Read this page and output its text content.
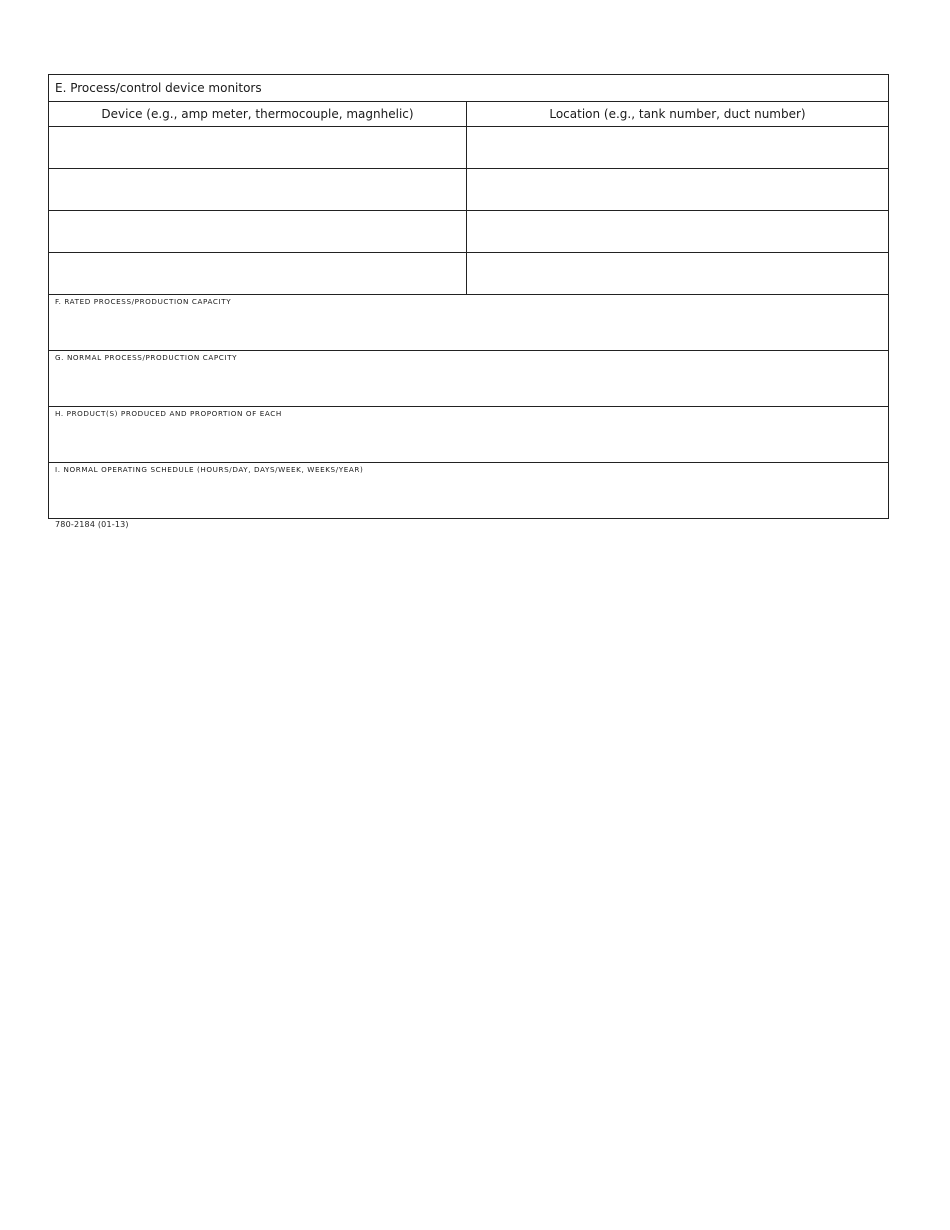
E. Process/control device monitors	
Device (e.g., amp meter, thermocouple, magnhelic)	Location (e.g., tank number, duct number)

F. RATED PROCESS/PRODUCTION CAPACITY	

G. NORMAL PROCESS/PRODUCTION CAPCITY	

H. PRODUCT(S) PRODUCED AND PROPORTION OF EACH	

I. NORMAL OPERATING SCHEDULE (HOURS/DAY, DAYS/WEEK, WEEKS/YEAR)	
780-2184 (01-13)
